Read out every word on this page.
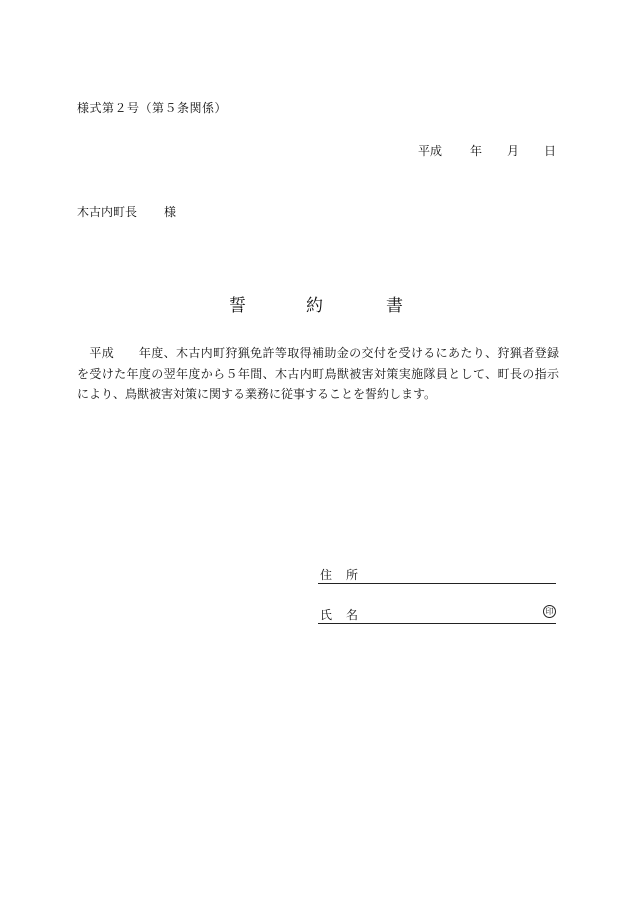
様式第２号（第５条関係）
平成 年 月 日
木古内町長 様
誓	約	書
　平成　　年度、木古内町狩猟免許等取得補助金の交付を受けるにあたり、狩猟者登録
を受けた年度の翌年度から５年間、木古内町鳥獣被害対策実施隊員として、町長の指示
により、鳥獣被害対策に関する業務に従事することを誓約します。
住 所
氏 名	印
